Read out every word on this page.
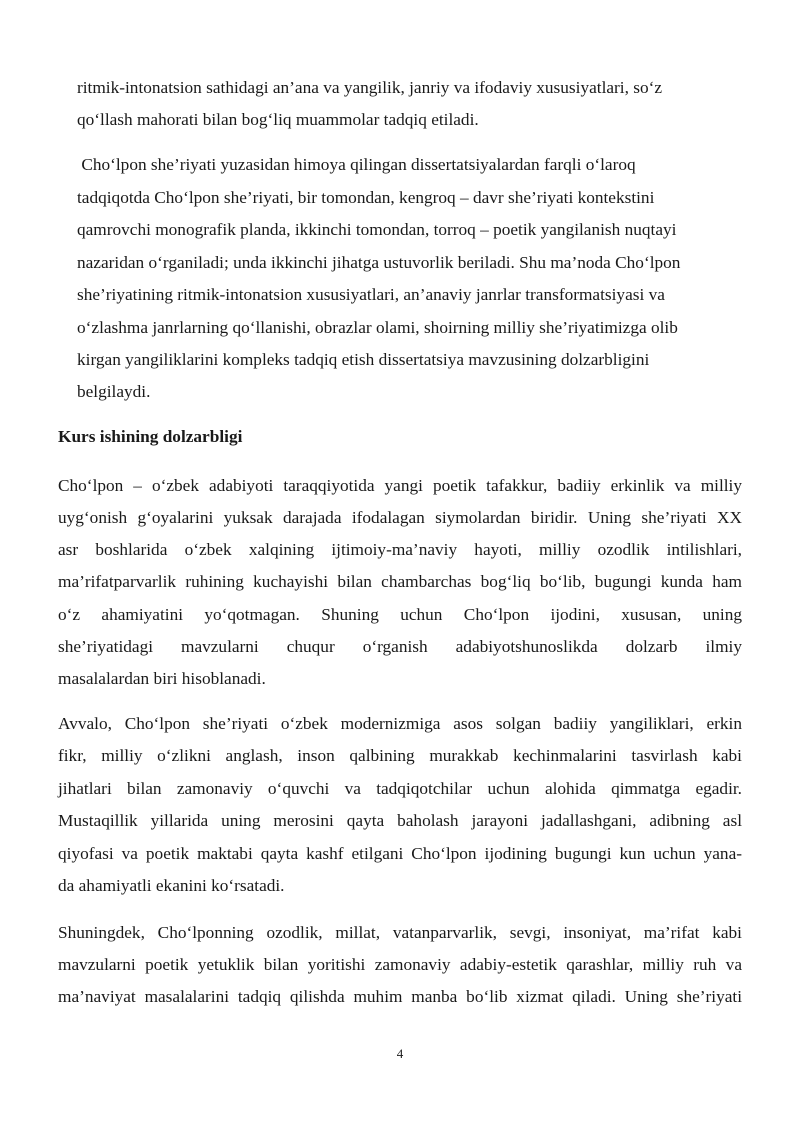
ritmik-intonatsion sathidagi an’ana va yangilik, janriy va ifodaviy xususiyatlari, so‘z
qo‘llash mahorati bilan bog‘liq muammolar tadqiq etiladi.
Cho‘lpon she’riyati yuzasidan himoya qilingan dissertatsiyalardan farqli o‘laroq
tadqiqotda Cho‘lpon she’riyati, bir tomondan, kengroq – davr she’riyati kontekstini
qamrovchi monografik planda, ikkinchi tomondan, torroq – poetik yangilanish nuqtayi
nazaridan o‘rganiladi; unda ikkinchi jihatga ustuvorlik beriladi. Shu ma’noda Cho‘lpon
she’riyatining ritmik-intonatsion xususiyatlari, an’anaviy janrlar transformatsiyasi va
o‘zlashma janrlarning qo‘llanishi, obrazlar olami, shoirning milliy she’riyatimizga olib
kirgan yangiliklarini kompleks tadqiq etish dissertatsiya mavzusining dolzarbligini
belgilaydi.
Kurs ishining dolzarbligi
Cho‘lpon – o‘zbek adabiyoti taraqqiyotida yangi poetik tafakkur, badiiy erkinlik va milliy
uyg‘onish g‘oyalarini yuksak darajada ifodalagan siymolardan biridir. Uning she’riyati XX
asr boshlarida o‘zbek xalqining ijtimoiy-ma’naviy hayoti, milliy ozodlik intilishlari,
ma’rifatparvarlik ruhining kuchayishi bilan chambarchas bog‘liq bo‘lib, bugungi kunda ham
o‘z ahamiyatini yo‘qotmagan. Shuning uchun Cho‘lpon ijodini, xususan, uning
she’riyatidagi mavzularni chuqur o‘rganish adabiyotshunoslikda dolzarb ilmiy
masalalardan biri hisoblanadi.
Avvalo, Cho‘lpon she’riyati o‘zbek modernizmiga asos solgan badiiy yangiliklari, erkin
fikr, milliy o‘zlikni anglash, inson qalbining murakkab kechinmalarini tasvirlash kabi
jihatlari bilan zamonaviy o‘quvchi va tadqiqotchilar uchun alohida qimmatga egadir.
Mustaqillik yillarida uning merosini qayta baholash jarayoni jadallashgani, adibning asl
qiyofasi va poetik maktabi qayta kashf etilgani Cho‘lpon ijodining bugungi kun uchun yana-
da ahamiyatli ekanini ko‘rsatadi.
Shuningdek, Cho‘lponning ozodlik, millat, vatanparvarlik, sevgi, insoniyat, ma’rifat kabi
mavzularni poetik yetuklik bilan yoritishi zamonaviy adabiy-estetik qarashlar, milliy ruh va
ma’naviyat masalalarini tadqiq qilishda muhim manba bo‘lib xizmat qiladi. Uning she’riyati
4
